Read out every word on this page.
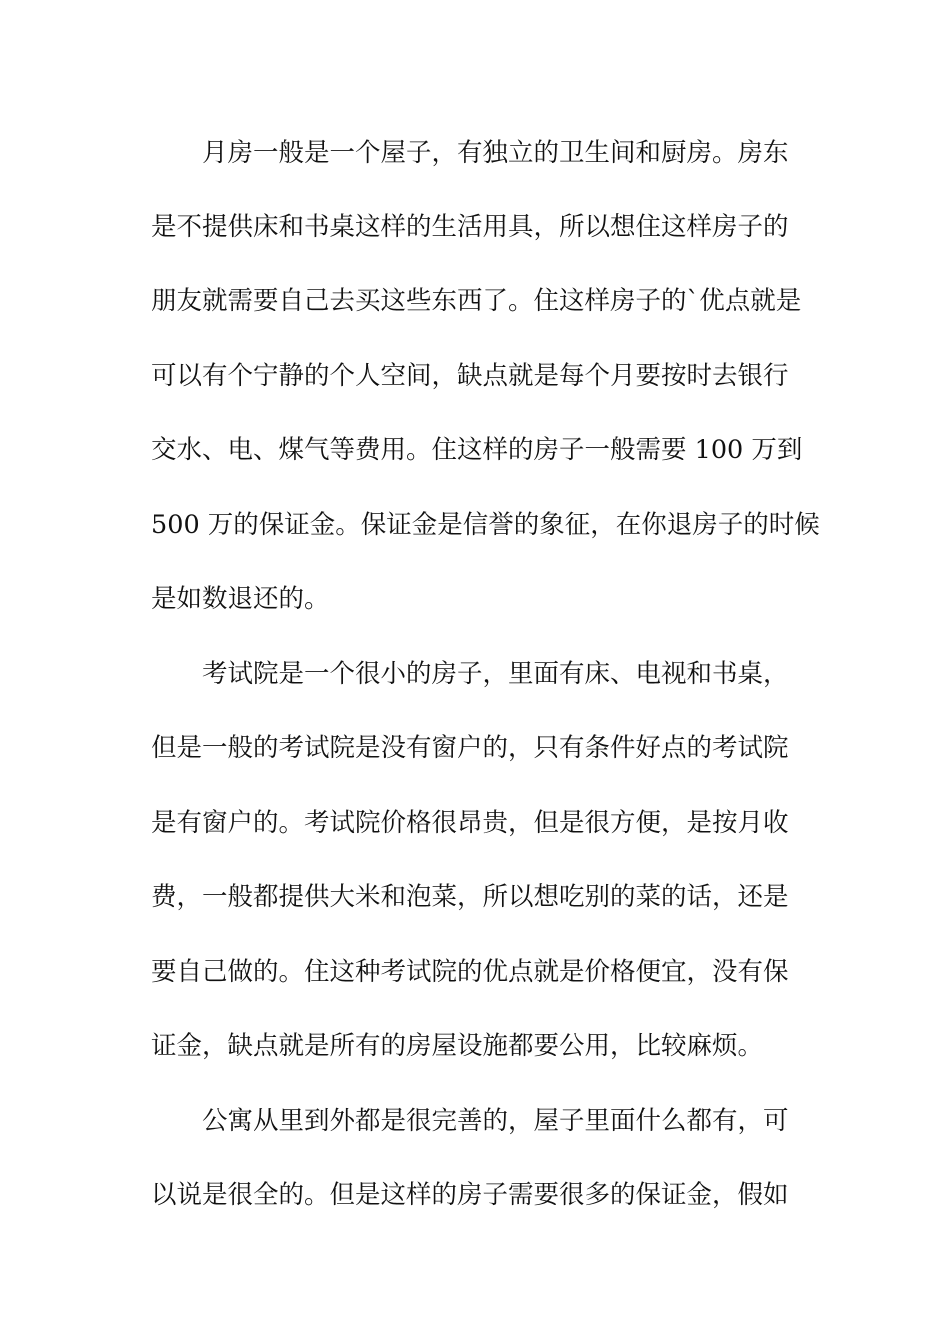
月房一般是一个屋子，有独立的卫生间和厨房。房东
是不提供床和书桌这样的生活用具，所以想住这样房子的
朋友就需要自己去买这些东西了。住这样房子的`优点就是
可以有个宁静的个人空间，缺点就是每个月要按时去银行
交水、电、煤气等费用。住这样的房子一般需要 100 万到
500 万的保证金。保证金是信誉的象征，在你退房子的时候
是如数退还的。
考试院是一个很小的房子，里面有床、电视和书桌，
但是一般的考试院是没有窗户的，只有条件好点的考试院
是有窗户的。考试院价格很昂贵，但是很方便，是按月收
费，一般都提供大米和泡菜，所以想吃别的菜的话，还是
要自己做的。住这种考试院的优点就是价格便宜，没有保
证金，缺点就是所有的房屋设施都要公用，比较麻烦。
公寓从里到外都是很完善的，屋子里面什么都有，可
以说是很全的。但是这样的房子需要很多的保证金，假如
